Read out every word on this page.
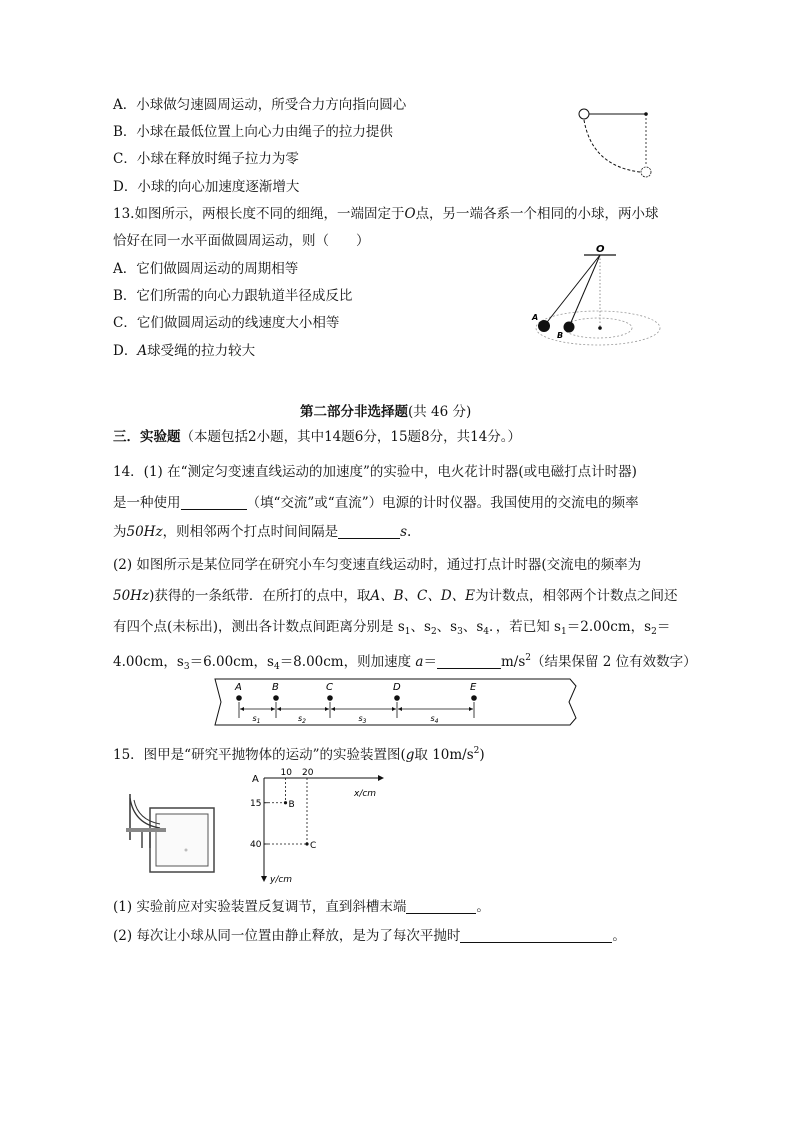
A．小球做匀速圆周运动，所受合力方向指向圆心
B．小球在最低位置上向心力由绳子的拉力提供
C．小球在释放时绳子拉力为零
D．小球的向心加速度逐渐增大
13.如图所示，两根长度不同的细绳，一端固定于O点，另一端各系一个相同的小球，两小球
恰好在同一水平面做圆周运动，则（　　）
A．它们做圆周运动的周期相等
B．它们所需的向心力跟轨道半径成反比
C．它们做圆周运动的线速度大小相等
D．A球受绳的拉力较大
O
A
B
第二部分非选择题(共 46 分)
三．实验题（本题包括2小题，其中14题6分，15题8分，共14分。）
14．(1) 在“测定匀变速直线运动的加速度”的实验中，电火花计时器(或电磁打点计时器)
是一种使用	（填“交流”或“直流”）电源的计时仪器。我国使用的交流电的频率
为50Hz，则相邻两个打点时间间隔是	s.
(2) 如图所示是某位同学在研究小车匀变速直线运动时，通过打点计时器(交流电的频率为
50Hz)获得的一条纸带．在所打的点中，取A、B、C、D、E为计数点，相邻两个计数点之间还
有四个点(未标出)，测出各计数点间距离分别是 $s_1$、$s_2$、$s_3$、$s_4$．，若已知 $s_1=2.00cm$，$s_2=$
4.00cm，$s_3=6.00cm$，$s_4=8.00cm$，则加速度 a＝	$m/s^2$（结果保留 2 位有效数字）
A	B	C	D	E
$s_1$	$s_2$	$s_3$	$s_4$
15．图甲是“研究平抛物体的运动”的实验装置图(g取 $10m/s^2$)
A
x/cm
y/cm
10 20
15
40
B
C
(1) 实验前应对实验装置反复调节，直到斜槽末端	。
(2) 每次让小球从同一位置由静止释放，是为了每次平抛时	。
